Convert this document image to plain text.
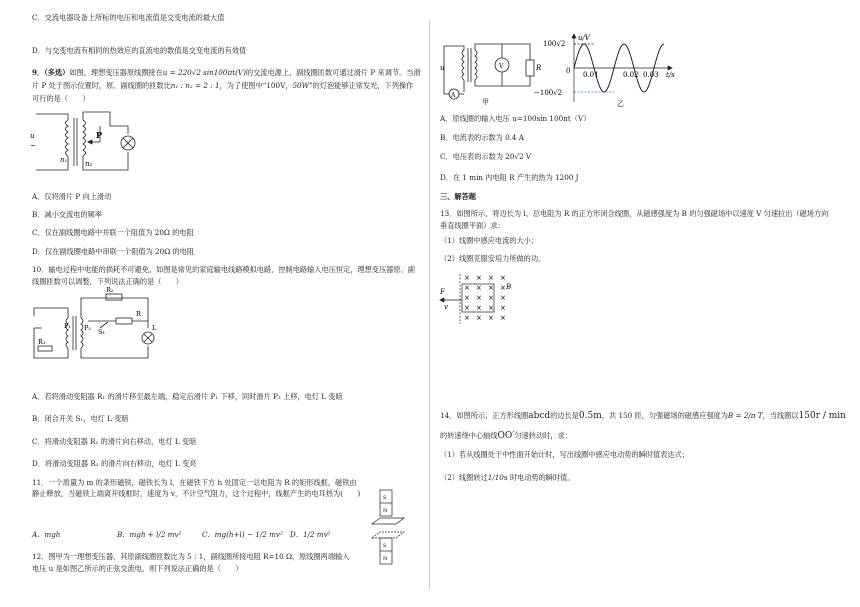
C．交流电器设备上所标的电压和电流值是交变电流的最大值
D．与交变电流有相同的热效应的直流电的数值是交变电流的有效值
9．（多选）如图，理想变压器原线圈接在u = 220√2 sin100πt(V)的交流电源上，副线圈匝数可通过滑片 P 来调节。当滑
片 P 处于图示位置时，原、副线圈的匝数比n₁ : n₂ = 2 : 1，为了使图中“100V，50W”的灯泡能够正常发光，下列操作
可行的是（　　）
u
~
n₁	n₂
P
A．仅将滑片 P 向上滑动
B．减小交流电的频率
C．仅在副线圈电路中并联一个阻值为 20Ω 的电阻
D．仅在副线圈电路中串联一个阻值为 20Ω 的电阻
10．输电过程中电能的损耗不可避免，如图是常见的家庭输电线路模拟电路，控制电路输入电压恒定，理想变压器原、副
线圈匝数可以调整，下列说法正确的是（　　）
P₁ P₂
R₂
S₁
R
L
R₁
A．若将滑动变阻器 R₁ 的滑片移至最左端，稳定后滑片 P₁ 下移，同时滑片 P₂ 上移，电灯 L 变暗
B．闭合开关 S₁，电灯 L 变暗
C．将滑动变阻器 R₁ 的滑片向右移动，电灯 L 变暗
D．将滑动变阻器 R₂ 的滑片向右移动，电灯 L 变亮
11．一个质量为 m 的条形磁铁，磁铁长为 l，在磁铁下方 h 处固定一总电阻为 R 的矩形线框，磁铁由
静止释放，当磁铁上端离开线框时，速度为 v，不计空气阻力，这个过程中，线框产生的电耳热为(　　)
A．mgh	B．mgh + l/2 mv²	C．mg(h+l) − 1/2 mv² D．1/2 mv²
S
N
S
N
12．图甲为一理想变压器，其原副线圈匝数比为 5 : 1，副线圈所接电阻 R=10 Ω，原线圈两端输入
电压 u 是如图乙所示的正弦交流电，则下列说法正确的是（　　）
A
V	R
u
甲
u/V
100√2
−100√2
0 0.01	0.02 0.03 t/s
乙
A．原线圈的输入电压 u=100sin 100πt（V）
B．电流表的示数为 0.4 A
C．电压表的示数为 20√2 V
D．在 1 min 内电阻 R 产生的热为 1200 J
三、解答题
13．如图所示，将边长为 l、总电阻为 R 的正方形闭合线圈，从磁感强度为 B 的匀强磁场中以速度 V 匀速拉出（磁场方向
垂直线圈平面）求：
（1）线圈中感应电流的大小；
（2）线圈克服安培力所做的功。
× × × ×
× × × ×
× × × ×
× × × ×
× × × ×
F
v
B
14．如图所示，正方形线圈abcd的边长是0.5m，共 150 匝，匀强磁场的磁感应强度为B = 2/π T，当线圈以150r / min
的转速绕中心轴线OO′匀速转动时，求：
（1）若从线圈处于中性面开始计时，写出线圈中感应电动势的瞬时值表达式；
（2）线圈转过1/10s 时电动势的瞬时值。
